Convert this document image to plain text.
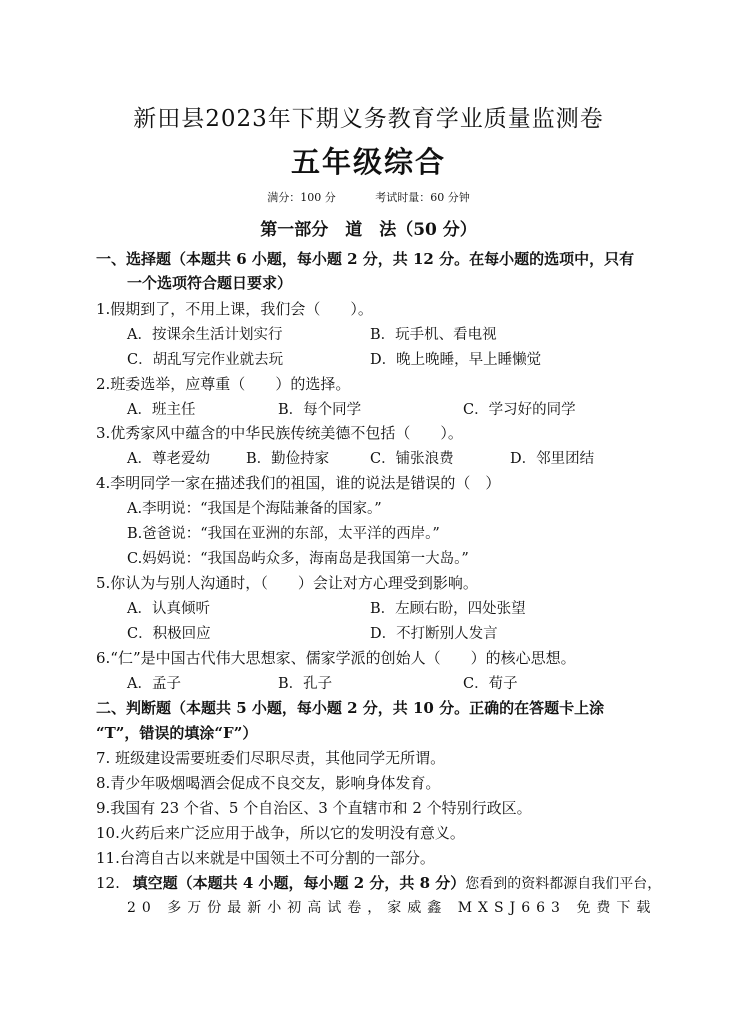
新田县2023年下期义务教育学业质量监测卷
五年级综合
满分：100 分	考试时量：60 分钟
第一部分　道　法（50 分）
一、选择题（本题共 6 小题，每小题 2 分，共 12 分。在每小题的选项中，只有
一个选项符合题日要求）
1.假期到了，不用上课，我们会（　　）。
A．按课余生活计划实行	B．玩手机、看电视
C．胡乱写完作业就去玩	D．晚上晚睡，早上睡懒觉
2.班委选举，应尊重（　　）的选择。
A．班主任	B．每个同学	C．学习好的同学
3.优秀家风中蕴含的中华民族传统美德不包括（　　）。
A．尊老爱幼 B．勤俭持家	C．铺张浪费	D．邻里团结
4.李明同学一家在描述我们的祖国，谁的说法是错误的（　）
A.李明说：“我国是个海陆兼备的国家。”
B.爸爸说：“我国在亚洲的东部，太平洋的西岸。”
C.妈妈说：“我国岛屿众多，海南岛是我国第一大岛。”
5.你认为与别人沟通时，（　　）会让对方心理受到影响。
A．认真倾听	B．左顾右盼，四处张望
C．积极回应	D．不打断别人发言
6.“仁”是中国古代伟大思想家、儒家学派的创始人（　　）的核心思想。
A．孟子	B．孔子	C．荀子
二、判断题（本题共 5 小题，每小题 2 分，共 10 分。正确的在答题卡上涂
“T”，错误的填涂“F”）
7. 班级建设需要班委们尽职尽责，其他同学无所谓。
8.青少年吸烟喝酒会促成不良交友，影响身体发育。
9.我国有 23 个省、5 个自治区、3 个直辖市和 2 个特别行政区。
10.火药后来广泛应用于战争，所以它的发明没有意义。
11.台湾自古以来就是中国领土不可分割的一部分。
12. 填空题（本题共 4 小题，每小题 2 分，共 8 分）您看到的资料都源自我们平台，
20 多万份最新小初高试卷，家威鑫 MXSJ663 免费下载
